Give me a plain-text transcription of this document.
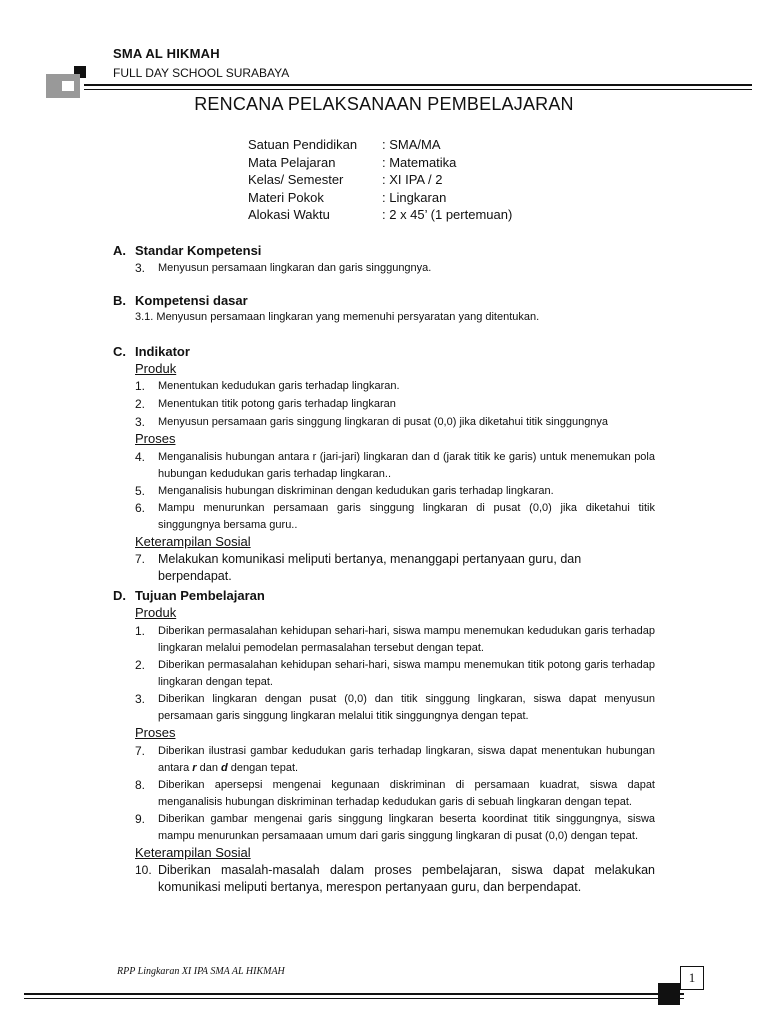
SMA AL HIKMAH
FULL DAY SCHOOL SURABAYA
RENCANA PELAKSANAAN PEMBELAJARAN
Satuan Pendidikan	: SMA/MA
Mata Pelajaran	: Matematika
Kelas/ Semester	: XI IPA / 2
Materi Pokok	: Lingkaran
Alokasi Waktu	: 2 x 45’ (1 pertemuan)
A. Standar Kompetensi
3.	Menyusun persamaan lingkaran dan garis singgungnya.
B. Kompetensi dasar
3.1. Menyusun persamaan lingkaran yang memenuhi persyaratan yang ditentukan.
C. Indikator
Produk
1.	Menentukan kedudukan garis terhadap lingkaran.
2.	Menentukan titik potong garis terhadap lingkaran
3.	Menyusun persamaan garis singgung lingkaran di pusat (0,0) jika diketahui titik singgungnya
Proses
4.	Menganalisis hubungan antara r (jari-jari) lingkaran dan d (jarak titik ke garis) untuk menemukan pola hubungan kedudukan garis terhadap lingkaran..
5.	Menganalisis hubungan diskriminan dengan kedudukan garis terhadap lingkaran.
6.	Mampu menurunkan persamaan garis singgung lingkaran di pusat (0,0) jika diketahui titik singgungnya bersama guru..
Keterampilan Sosial
7.	Melakukan komunikasi meliputi bertanya, menanggapi pertanyaan guru, dan berpendapat.
D. Tujuan Pembelajaran
Produk
1.	Diberikan permasalahan kehidupan sehari-hari, siswa mampu menemukan kedudukan garis terhadap lingkaran melalui pemodelan permasalahan tersebut dengan tepat.
2.	Diberikan permasalahan kehidupan sehari-hari, siswa mampu menemukan titik potong garis terhadap lingkaran dengan tepat.
3.	Diberikan lingkaran dengan pusat (0,0) dan titik singgung lingkaran, siswa dapat menyusun persamaan garis singgung lingkaran melalui titik singgungnya dengan tepat.
Proses
7.	Diberikan ilustrasi gambar kedudukan garis terhadap lingkaran, siswa dapat menentukan hubungan antara r dan d dengan tepat.
8.	Diberikan apersepsi mengenai kegunaan diskriminan di persamaan kuadrat, siswa dapat menganalisis hubungan diskriminan terhadap kedudukan garis di sebuah lingkaran dengan tepat.
9.	Diberikan gambar mengenai garis singgung lingkaran beserta koordinat titik singgungnya, siswa mampu menurunkan persamaaan umum dari garis singgung lingkaran di pusat (0,0) dengan tepat.
Keterampilan Sosial
10. Diberikan masalah-masalah dalam proses pembelajaran, siswa dapat melakukan komunikasi meliputi bertanya, merespon pertanyaan guru, dan berpendapat.
RPP Lingkaran XI IPA SMA AL HIKMAH	1
